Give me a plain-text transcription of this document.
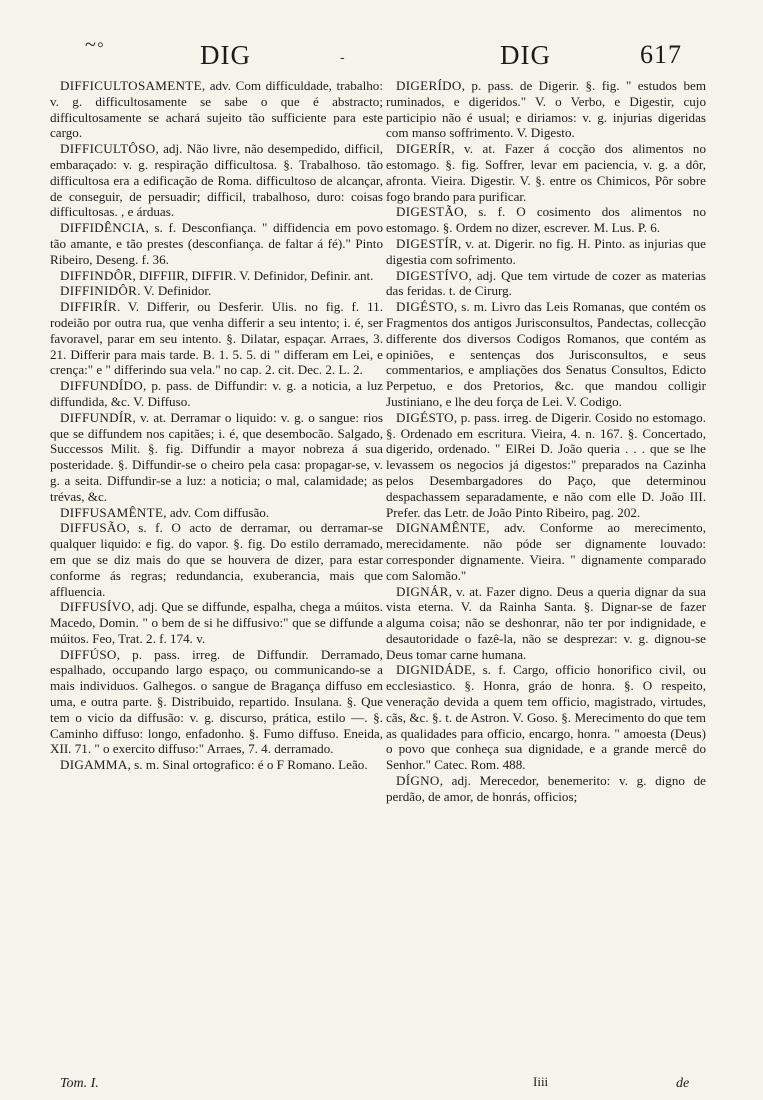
~◦	DIG	-	DIG	617

DIFFICULTOSAMENTE, adv. Com difficuldade, trabalho: v. g. difficultosamente se sabe o que é abstracto; difficultosamente se achará sujeito tão sufficiente para este cargo.

DIFFICULTÔSO, adj. Não livre, não desempedido, difficil, embaraçado: v. g. respiração difficultosa. §. Trabalhoso. tão difficultosa era a edificação de Roma. difficultoso de alcançar, de conseguir, de persuadir; difficil, trabalhoso, duro: coisas difficultosas. , e árduas.

DIFFIDÊNCIA, s. f. Desconfiança. " diffidencia em povo tão amante, e tão prestes (desconfiança. de faltar á fé)." Pinto Ribeiro, Deseng. f. 36.

DIFFINDÔR, DIFFIIR, DIFFIR. V. Definidor, Definir. ant.

DIFFINIDÔR. V. Definidor.

DIFFIRÍR. V. Differir, ou Desferir. Ulis. no fig. f. 11. rodeião por outra rua, que venha differir a seu intento; i. é, ser favoravel, parar em seu intento. §. Dilatar, espaçar. Arraes, 3. 21. Differir para mais tarde. B. 1. 5. 5. di " differam em Lei, e crença:" e " differindo sua vela." no cap. 2. cit. Dec. 2. L. 2.

DIFFUNDÍDO, p. pass. de Diffundir: v. g. a noticia, a luz diffundida, &c. V. Diffuso.

DIFFUNDÍR, v. at. Derramar o liquido: v. g. o sangue: rios que se diffundem nos capitães; i. é, que desembocão. Salgado, Successos Milit. §. fig. Diffundir a mayor nobreza á sua posteridade. §. Diffundir-se o cheiro pela casa: propagar-se, v. g. a seita. Diffundir-se a luz: a noticia; o mal, calamidade; as trévas, &c.

DIFFUSAMÊNTE, adv. Com diffusão.

DIFFUSÃO, s. f. O acto de derramar, ou derramar-se qualquer liquido: e fig. do vapor. §. fig. Do estilo derramado, em que se diz mais do que se houvera de dizer, para estar conforme ás regras; redundancia, exuberancia, mais que affluencia.

DIFFUSÍVO, adj. Que se diffunde, espalha, chega a múitos. Macedo, Domin. " o bem de si he diffusivo:" que se diffunde a múitos. Feo, Trat. 2. f. 174. v.

DIFFÚSO, p. pass. irreg. de Diffundir. Derramado, espalhado, occupando largo espaço, ou communicando-se a mais individuos. Galhegos. o sangue de Bragança diffuso em uma, e outra parte. §. Distribuido, repartido. Insulana. §. Que tem o vicio da diffusão: v. g. discurso, prática, estilo —. §. Caminho diffuso: longo, enfadonho. §. Fumo diffuso. Eneida, XII. 71. " o exercito diffuso:" Arraes, 7. 4. derramado.

DIGAMMA, s. m. Sinal ortografico: é o F Romano. Leão.

DIGERÍDO, p. pass. de Digerir. §. fig. " estudos bem ruminados, e digeridos." V. o Verbo, e Digestir, cujo participio não é usual; e diriamos: v. g. injurias digeridas com manso soffrimento. V. Digesto.

DIGERÍR, v. at. Fazer á cocção dos alimentos no estomago. §. fig. Soffrer, levar em paciencia, v. g. a dôr, afronta. Vieira. Digestir. V. §. entre os Chimicos, Pôr sobre fogo brando para purificar.

DIGESTÃO, s. f. O cosimento dos alimentos no estomago. §. Ordem no dizer, escrever. M. Lus. P. 6.

DIGESTÍR, v. at. Digerir. no fig. H. Pinto. as injurias que digestia com sofrimento.

DIGESTÍVO, adj. Que tem virtude de cozer as materias das feridas. t. de Cirurg.

DIGÉSTO, s. m. Livro das Leis Romanas, que contém os Fragmentos dos antigos Jurisconsultos, Pandectas, collecção differente dos diversos Codigos Romanos, que contém as opiniões, e sentenças dos Jurisconsultos, e seus commentarios, e ampliações dos Senatus Consultos, Edicto Perpetuo, e dos Pretorios, &c. que mandou colligir Justiniano, e lhe deu força de Lei. V. Codigo.

DIGÉSTO, p. pass. irreg. de Digerir. Cosido no estomago. §. Ordenado em escritura. Vieira, 4. n. 167. §. Concertado, digerido, ordenado. " ElRei D. João queria . . . que se lhe levassem os negocios já digestos:" preparados na Cazinha pelos Desembargadores do Paço, que determinou despachassem separadamente, e não com elle D. João III. Prefer. das Letr. de João Pinto Ribeiro, pag. 202.

DIGNAMÊNTE, adv. Conforme ao merecimento, merecidamente. não póde ser dignamente louvado: corresponder dignamente. Vieira. " dignamente comparado com Salomão."

DIGNÁR, v. at. Fazer digno. Deus a queria dignar da sua vista eterna. V. da Rainha Santa. §. Dignar-se de fazer alguma coisa; não se deshonrar, não ter por indignidade, e desautoridade o fazê-la, não se desprezar: v. g. dignou-se Deus tomar carne humana.

DIGNIDÁDE, s. f. Cargo, officio honorifico civil, ou ecclesiastico. §. Honra, gráo de honra. §. O respeito, veneração devida a quem tem officio, magistrado, virtudes, cãs, &c. §. t. de Astron. V. Goso. §. Merecimento do que tem as qualidades para officio, encargo, honra. " amoesta (Deus) o povo que conheça sua dignidade, e a grande mercê do Senhor." Catec. Rom. 488.

DÍGNO, adj. Merecedor, benemerito: v. g. digno de perdão, de amor, de honrás, officios;

Tom. I.	Iiii	de
